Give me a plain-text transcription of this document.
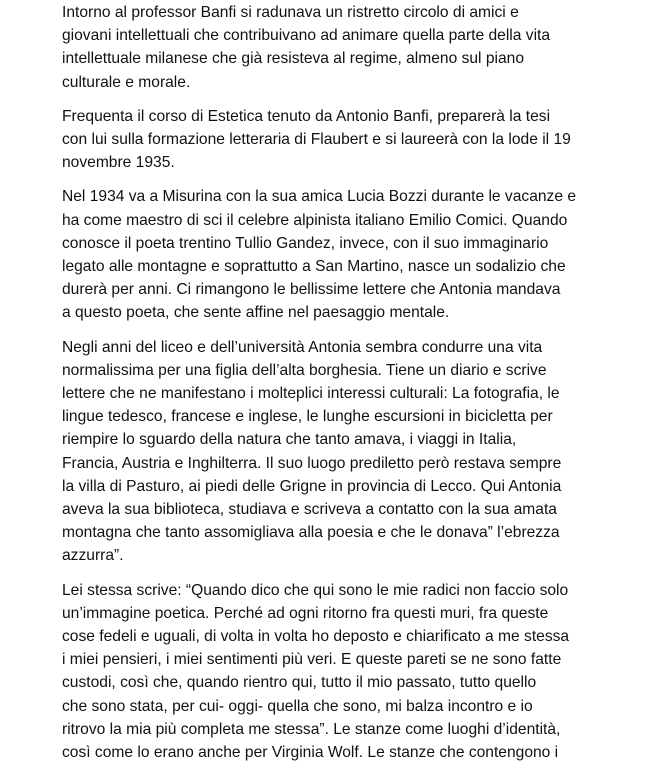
Intorno al professor Banfi si radunava un ristretto circolo di amici e
giovani intellettuali che contribuivano ad animare quella parte della vita
intellettuale milanese che già resisteva al regime, almeno sul piano
culturale e morale.

Frequenta il corso di Estetica tenuto da Antonio Banfi, preparerà la tesi
con lui sulla formazione letteraria di Flaubert e si laureerà con la lode il 19
novembre 1935.

Nel 1934 va a Misurina con la sua amica Lucia Bozzi durante le vacanze e
ha come maestro di sci il celebre alpinista italiano Emilio Comici. Quando
conosce il poeta trentino Tullio Gandez, invece, con il suo immaginario
legato alle montagne e soprattutto a San Martino, nasce un sodalizio che
durerà per anni. Ci rimangono le bellissime lettere che Antonia mandava
a questo poeta, che sente affine nel paesaggio mentale.

Negli anni del liceo e dell’università Antonia sembra condurre una vita
normalissima per una figlia dell’alta borghesia. Tiene un diario e scrive
lettere che ne manifestano i molteplici interessi culturali: La fotografia, le
lingue tedesco, francese e inglese, le lunghe escursioni in bicicletta per
riempire lo sguardo della natura che tanto amava, i viaggi in Italia,
Francia, Austria e Inghilterra. Il suo luogo prediletto però restava sempre
la villa di Pasturo, ai piedi delle Grigne in provincia di Lecco. Qui Antonia
aveva la sua biblioteca, studiava e scriveva a contatto con la sua amata
montagna che tanto assomigliava alla poesia e che le donava” l’ebrezza
azzurra”.

Lei stessa scrive: “Quando dico che qui sono le mie radici non faccio solo
un’immagine poetica. Perché ad ogni ritorno fra questi muri, fra queste
cose fedeli e uguali, di volta in volta ho deposto e chiarificato a me stessa
i miei pensieri, i miei sentimenti più veri. E queste pareti se ne sono fatte
custodi, così che, quando rientro qui, tutto il mio passato, tutto quello
che sono stata, per cui- oggi- quella che sono, mi balza incontro e io
ritrovo la mia più completa me stessa”. Le stanze come luoghi d’identità,
così come lo erano anche per Virginia Wolf. Le stanze che contengono i
